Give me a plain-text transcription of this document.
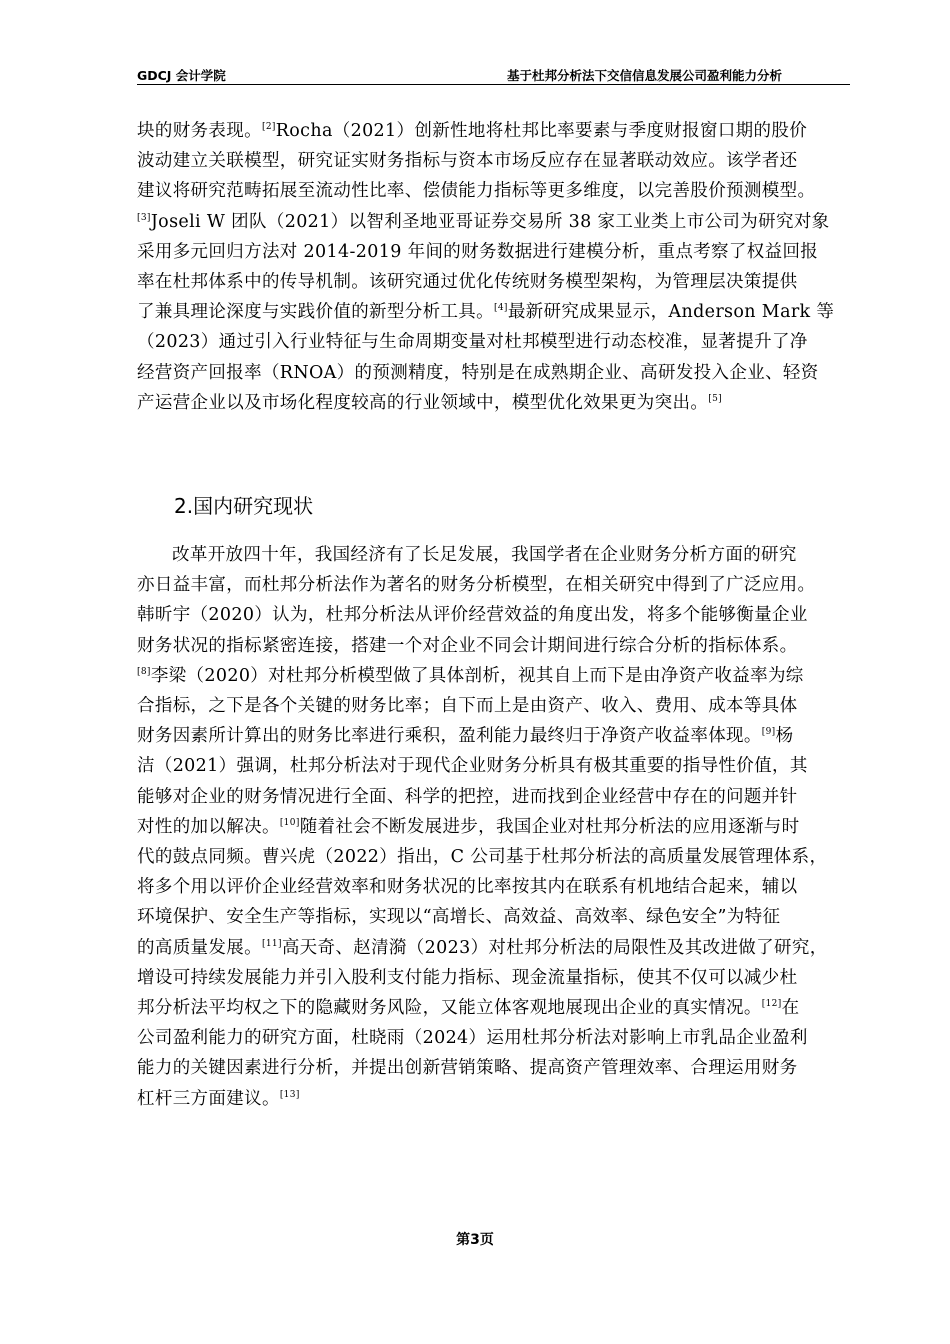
GDCJ 会计学院	基于杜邦分析法下交信信息发展公司盈利能力分析

块的财务表现。[2]Rocha（2021）创新性地将杜邦比率要素与季度财报窗口期的股价
波动建立关联模型，研究证实财务指标与资本市场反应存在显著联动效应。该学者还
建议将研究范畴拓展至流动性比率、偿债能力指标等更多维度，以完善股价预测模型。
[3]Joseli W 团队（2021）以智利圣地亚哥证券交易所 38 家工业类上市公司为研究对象
采用多元回归方法对 2014-2019 年间的财务数据进行建模分析，重点考察了权益回报
率在杜邦体系中的传导机制。该研究通过优化传统财务模型架构，为管理层决策提供
了兼具理论深度与实践价值的新型分析工具。[4]最新研究成果显示，Anderson Mark 等
（2023）通过引入行业特征与生命周期变量对杜邦模型进行动态校准，显著提升了净
经营资产回报率（RNOA）的预测精度，特别是在成熟期企业、高研发投入企业、轻资
产运营企业以及市场化程度较高的行业领域中，模型优化效果更为突出。[5]

2.国内研究现状

改革开放四十年，我国经济有了长足发展，我国学者在企业财务分析方面的研究
亦日益丰富，而杜邦分析法作为著名的财务分析模型，在相关研究中得到了广泛应用。
韩昕宇（2020）认为，杜邦分析法从评价经营效益的角度出发，将多个能够衡量企业
财务状况的指标紧密连接，搭建一个对企业不同会计期间进行综合分析的指标体系。
[8]李梁（2020）对杜邦分析模型做了具体剖析，视其自上而下是由净资产收益率为综
合指标，之下是各个关键的财务比率；自下而上是由资产、收入、费用、成本等具体
财务因素所计算出的财务比率进行乘积，盈利能力最终归于净资产收益率体现。[9]杨
洁（2021）强调，杜邦分析法对于现代企业财务分析具有极其重要的指导性价值，其
能够对企业的财务情况进行全面、科学的把控，进而找到企业经营中存在的问题并针
对性的加以解决。[10]随着社会不断发展进步，我国企业对杜邦分析法的应用逐渐与时
代的鼓点同频。曹兴虎（2022）指出，C 公司基于杜邦分析法的高质量发展管理体系，
将多个用以评价企业经营效率和财务状况的比率按其内在联系有机地结合起来，辅以
环境保护、安全生产等指标，实现以“高增长、高效益、高效率、绿色安全”为特征
的高质量发展。[11]高天奇、赵清漪（2023）对杜邦分析法的局限性及其改进做了研究，
增设可持续发展能力并引入股利支付能力指标、现金流量指标，使其不仅可以减少杜
邦分析法平均权之下的隐藏财务风险，又能立体客观地展现出企业的真实情况。[12]在
公司盈利能力的研究方面，杜晓雨（2024）运用杜邦分析法对影响上市乳品企业盈利
能力的关键因素进行分析，并提出创新营销策略、提高资产管理效率、合理运用财务
杠杆三方面建议。[13]

第3页
